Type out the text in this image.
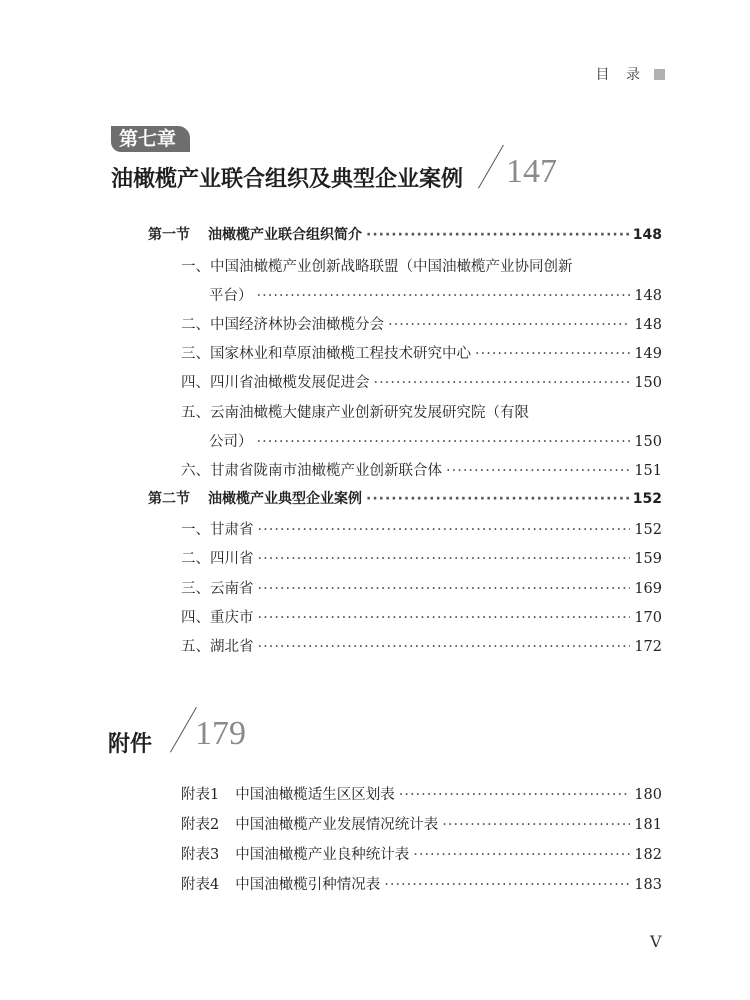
目 录
第七章
油橄榄产业联合组织及典型企业案例 147
第一节 油橄榄产业联合组织简介 ·····	148
一、中国油橄榄产业创新战略联盟（中国油橄榄产业协同创新
平台） ·····	148
二、中国经济林协会油橄榄分会 ·····	148
三、国家林业和草原油橄榄工程技术研究中心 ·····	149
四、四川省油橄榄发展促进会 ·····	150
五、云南油橄榄大健康产业创新研究发展研究院（有限
公司） ·····	150
六、甘肃省陇南市油橄榄产业创新联合体 ·····	151
第二节 油橄榄产业典型企业案例 ·····	152
一、甘肃省 ·····	152
二、四川省 ·····	159
三、云南省 ·····	169
四、重庆市 ·····	170
五、湖北省 ·····	172
附件 179
附表1 中国油橄榄适生区区划表 ·····	180
附表2 中国油橄榄产业发展情况统计表 ·····	181
附表3 中国油橄榄产业良种统计表 ·····	182
附表4 中国油橄榄引种情况表 ·····	183
V
